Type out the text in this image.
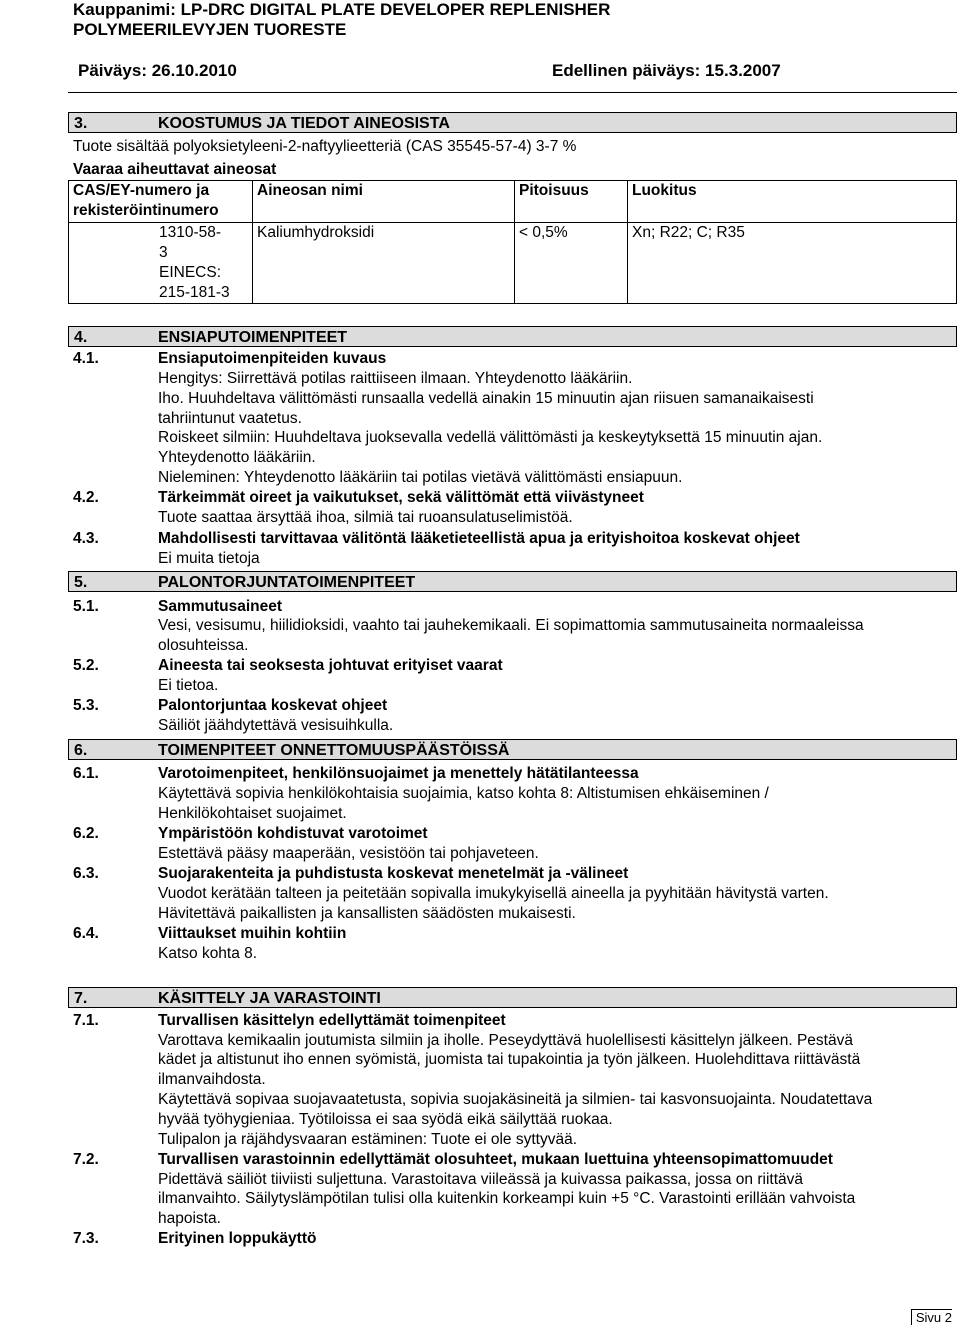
Kauppanimi: LP-DRC DIGITAL PLATE DEVELOPER REPLENISHER
POLYMEERILEVYJEN TUORESTE
Päiväys: 26.10.2010	Edellinen päiväys: 15.3.2007
3.	KOOSTUMUS JA TIEDOT AINEOSISTA
Tuote sisältää polyoksietyleeni-2-naftyylieetteriä (CAS 35545-57-4) 3-7 %
Vaaraa aiheuttavat aineosat
CAS/EY-numero ja
rekisteröintinumero	Aineosan nimi	Pitoisuus	Luokitus

1310-58-
3
EINECS:
215-181-3	Kaliumhydroksidi	< 0,5%	Xn; R22; C; R35
4.	ENSIAPUTOIMENPITEET
4.1.	Ensiaputoimenpiteiden kuvaus
Hengitys: Siirrettävä potilas raittiiseen ilmaan. Yhteydenotto lääkäriin.
Iho. Huuhdeltava välittömästi runsaalla vedellä ainakin 15 minuutin ajan riisuen samanaikaisesti
tahriintunut vaatetus.
Roiskeet silmiin: Huuhdeltava juoksevalla vedellä välittömästi ja keskeytyksettä 15 minuutin ajan.
Yhteydenotto lääkäriin.
Nieleminen: Yhteydenotto lääkäriin tai potilas vietävä välittömästi ensiapuun.
4.2.	Tärkeimmät oireet ja vaikutukset, sekä välittömät että viivästyneet
Tuote saattaa ärsyttää ihoa, silmiä tai ruoansulatuselimistöä.
4.3.	Mahdollisesti tarvittavaa välitöntä lääketieteellistä apua ja erityishoitoa koskevat ohjeet
Ei muita tietoja
5.	PALONTORJUNTATOIMENPITEET
5.1.	Sammutusaineet
Vesi, vesisumu, hiilidioksidi, vaahto tai jauhekemikaali. Ei sopimattomia sammutusaineita normaaleissa
olosuhteissa.
5.2.	Aineesta tai seoksesta johtuvat erityiset vaarat
Ei tietoa.
5.3.	Palontorjuntaa koskevat ohjeet
Säiliöt jäähdytettävä vesisuihkulla.
6.	TOIMENPITEET ONNETTOMUUSPÄÄSTÖISSÄ
6.1.	Varotoimenpiteet, henkilönsuojaimet ja menettely hätätilanteessa
Käytettävä sopivia henkilökohtaisia suojaimia, katso kohta 8: Altistumisen ehkäiseminen /
Henkilökohtaiset suojaimet.
6.2.	Ympäristöön kohdistuvat varotoimet
Estettävä pääsy maaperään, vesistöön tai pohjaveteen.
6.3.	Suojarakenteita ja puhdistusta koskevat menetelmät ja -välineet
Vuodot kerätään talteen ja peitetään sopivalla imukykyisellä aineella ja pyyhitään hävitystä varten.
Hävitettävä paikallisten ja kansallisten säädösten mukaisesti.
6.4.	Viittaukset muihin kohtiin
Katso kohta 8.
7.	KÄSITTELY JA VARASTOINTI
7.1.	Turvallisen käsittelyn edellyttämät toimenpiteet
Varottava kemikaalin joutumista silmiin ja iholle. Peseydyttävä huolellisesti käsittelyn jälkeen. Pestävä
kädet ja altistunut iho ennen syömistä, juomista tai tupakointia ja työn jälkeen. Huolehdittava riittävästä
ilmanvaihdosta.
Käytettävä sopivaa suojavaatetusta, sopivia suojakäsineitä ja silmien- tai kasvonsuojainta. Noudatettava
hyvää työhygieniaa. Työtiloissa ei saa syödä eikä säilyttää ruokaa.
Tulipalon ja räjähdysvaaran estäminen: Tuote ei ole syttyvää.
7.2.	Turvallisen varastoinnin edellyttämät olosuhteet, mukaan luettuina yhteensopimattomuudet
Pidettävä säiliöt tiiviisti suljettuna. Varastoitava viileässä ja kuivassa paikassa, jossa on riittävä
ilmanvaihto. Säilytyslämpötilan tulisi olla kuitenkin korkeampi kuin +5 °C. Varastointi erillään vahvoista
hapoista.
7.3.	Erityinen loppukäyttö
Sivu 2
